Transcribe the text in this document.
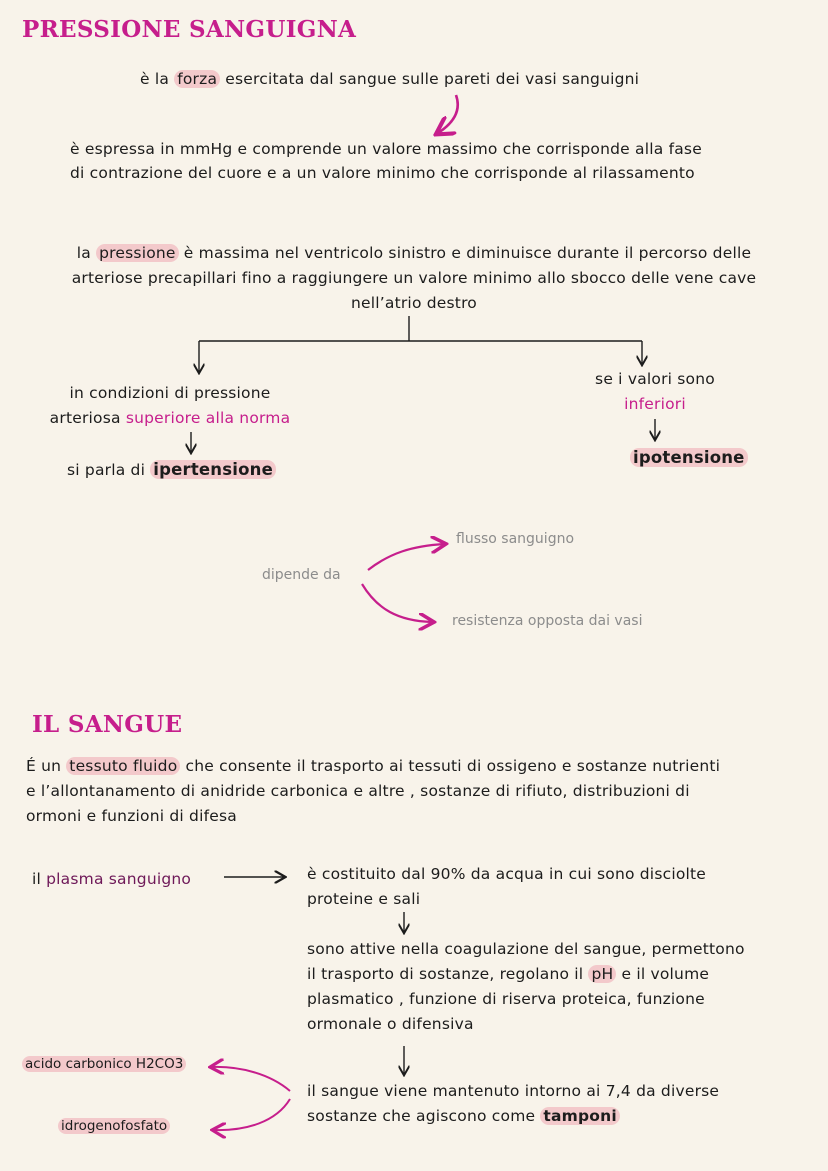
PRESSIONE SANGUIGNA
è la forza esercitata dal sangue sulle pareti dei vasi sanguigni
è espressa in mmHg e comprende un valore massimo che corrisponde alla fase
di contrazione del cuore e a un valore minimo che corrisponde al rilassamento
la pressione è massima nel ventricolo sinistro e diminuisce durante il percorso delle
arteriose precapillari fino a raggiungere un valore minimo allo sbocco delle vene cave
nell’atrio destro
in condizioni di pressione
arteriosa superiore alla norma
si parla di ipertensione
se i valori sono
inferiori
ipotensione
dipende da
flusso sanguigno
resistenza opposta dai vasi
IL SANGUE
É un tessuto fluido che consente il trasporto ai tessuti di ossigeno e sostanze nutrienti
e l’allontanamento di anidride carbonica e altre , sostanze di rifiuto, distribuzioni di
ormoni e funzioni di difesa
il plasma sanguigno	è costituito dal 90% da acqua in cui sono disciolte
proteine e sali
sono attive nella coagulazione del sangue, permettono
il trasporto di sostanze, regolano il pH e il volume
plasmatico , funzione di riserva proteica, funzione
ormonale o difensiva
il sangue viene mantenuto intorno ai 7,4 da diverse
sostanze che agiscono come tamponi
acido carbonico H2CO3
idrogenofosfato
